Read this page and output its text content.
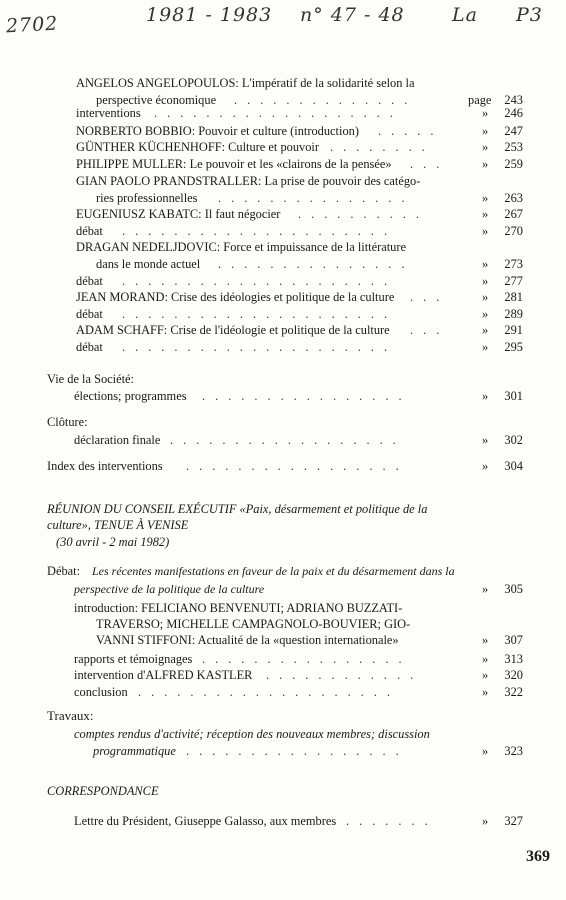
2702	1981 - 1983 n° 47 - 48 La P3
ANGELOS ANGELOPOULOS: L'impératif de la solidarité selon la
perspective économique ..............	page 243
interventions ...................	» 246
NORBERTO BOBBIO: Pouvoir et culture (introduction) .....	» 247
GÜNTHER KÜCHENHOFF: Culture et pouvoir ........	» 253
PHILIPPE MULLER: Le pouvoir et les «clairons de la pensée» ...	» 259
GIAN PAOLO PRANDSTRALLER: La prise de pouvoir des catégo-
ries professionnelles ...............	» 263
EUGENIUSZ KABATC: Il faut négocier ..........	» 267
débat .....................	» 270
DRAGAN NEDELJDOVIC: Force et impuissance de la littérature
dans le monde actuel ...............	» 273
débat .....................	» 277
JEAN MORAND: Crise des idéologies et politique de la culture ...	» 281
débat .....................	» 289
ADAM SCHAFF: Crise de l'idéologie et politique de la culture ...	» 291
débat .....................	» 295
Vie de la Société:
élections; programmes ................	» 301
Clôture:
déclaration finale ..................	» 302
Index des interventions .................	» 304
RÉUNION DU CONSEIL EXÉCUTIF «Paix, désarmement et politique de la
culture», TENUE À VENISE
(30 avril - 2 mai 1982)
Débat: Les récentes manifestations en faveur de la paix et du désarmement dans la
perspective de la politique de la culture	» 305
introduction: FELICIANO BENVENUTI; ADRIANO BUZZATI-
TRAVERSO; MICHELLE CAMPAGNOLO-BOUVIER; GIO-
VANNI STIFFONI: Actualité de la «question internationale»	» 307
rapports et témoignages ................	» 313
intervention d'ALFRED KASTLER ............	» 320
conclusion ....................	» 322
Travaux:
comptes rendus d'activité; réception des nouveaux membres; discussion
programmatique .................	» 323
CORRESPONDANCE
Lettre du Président, Giuseppe Galasso, aux membres .......	» 327
369
